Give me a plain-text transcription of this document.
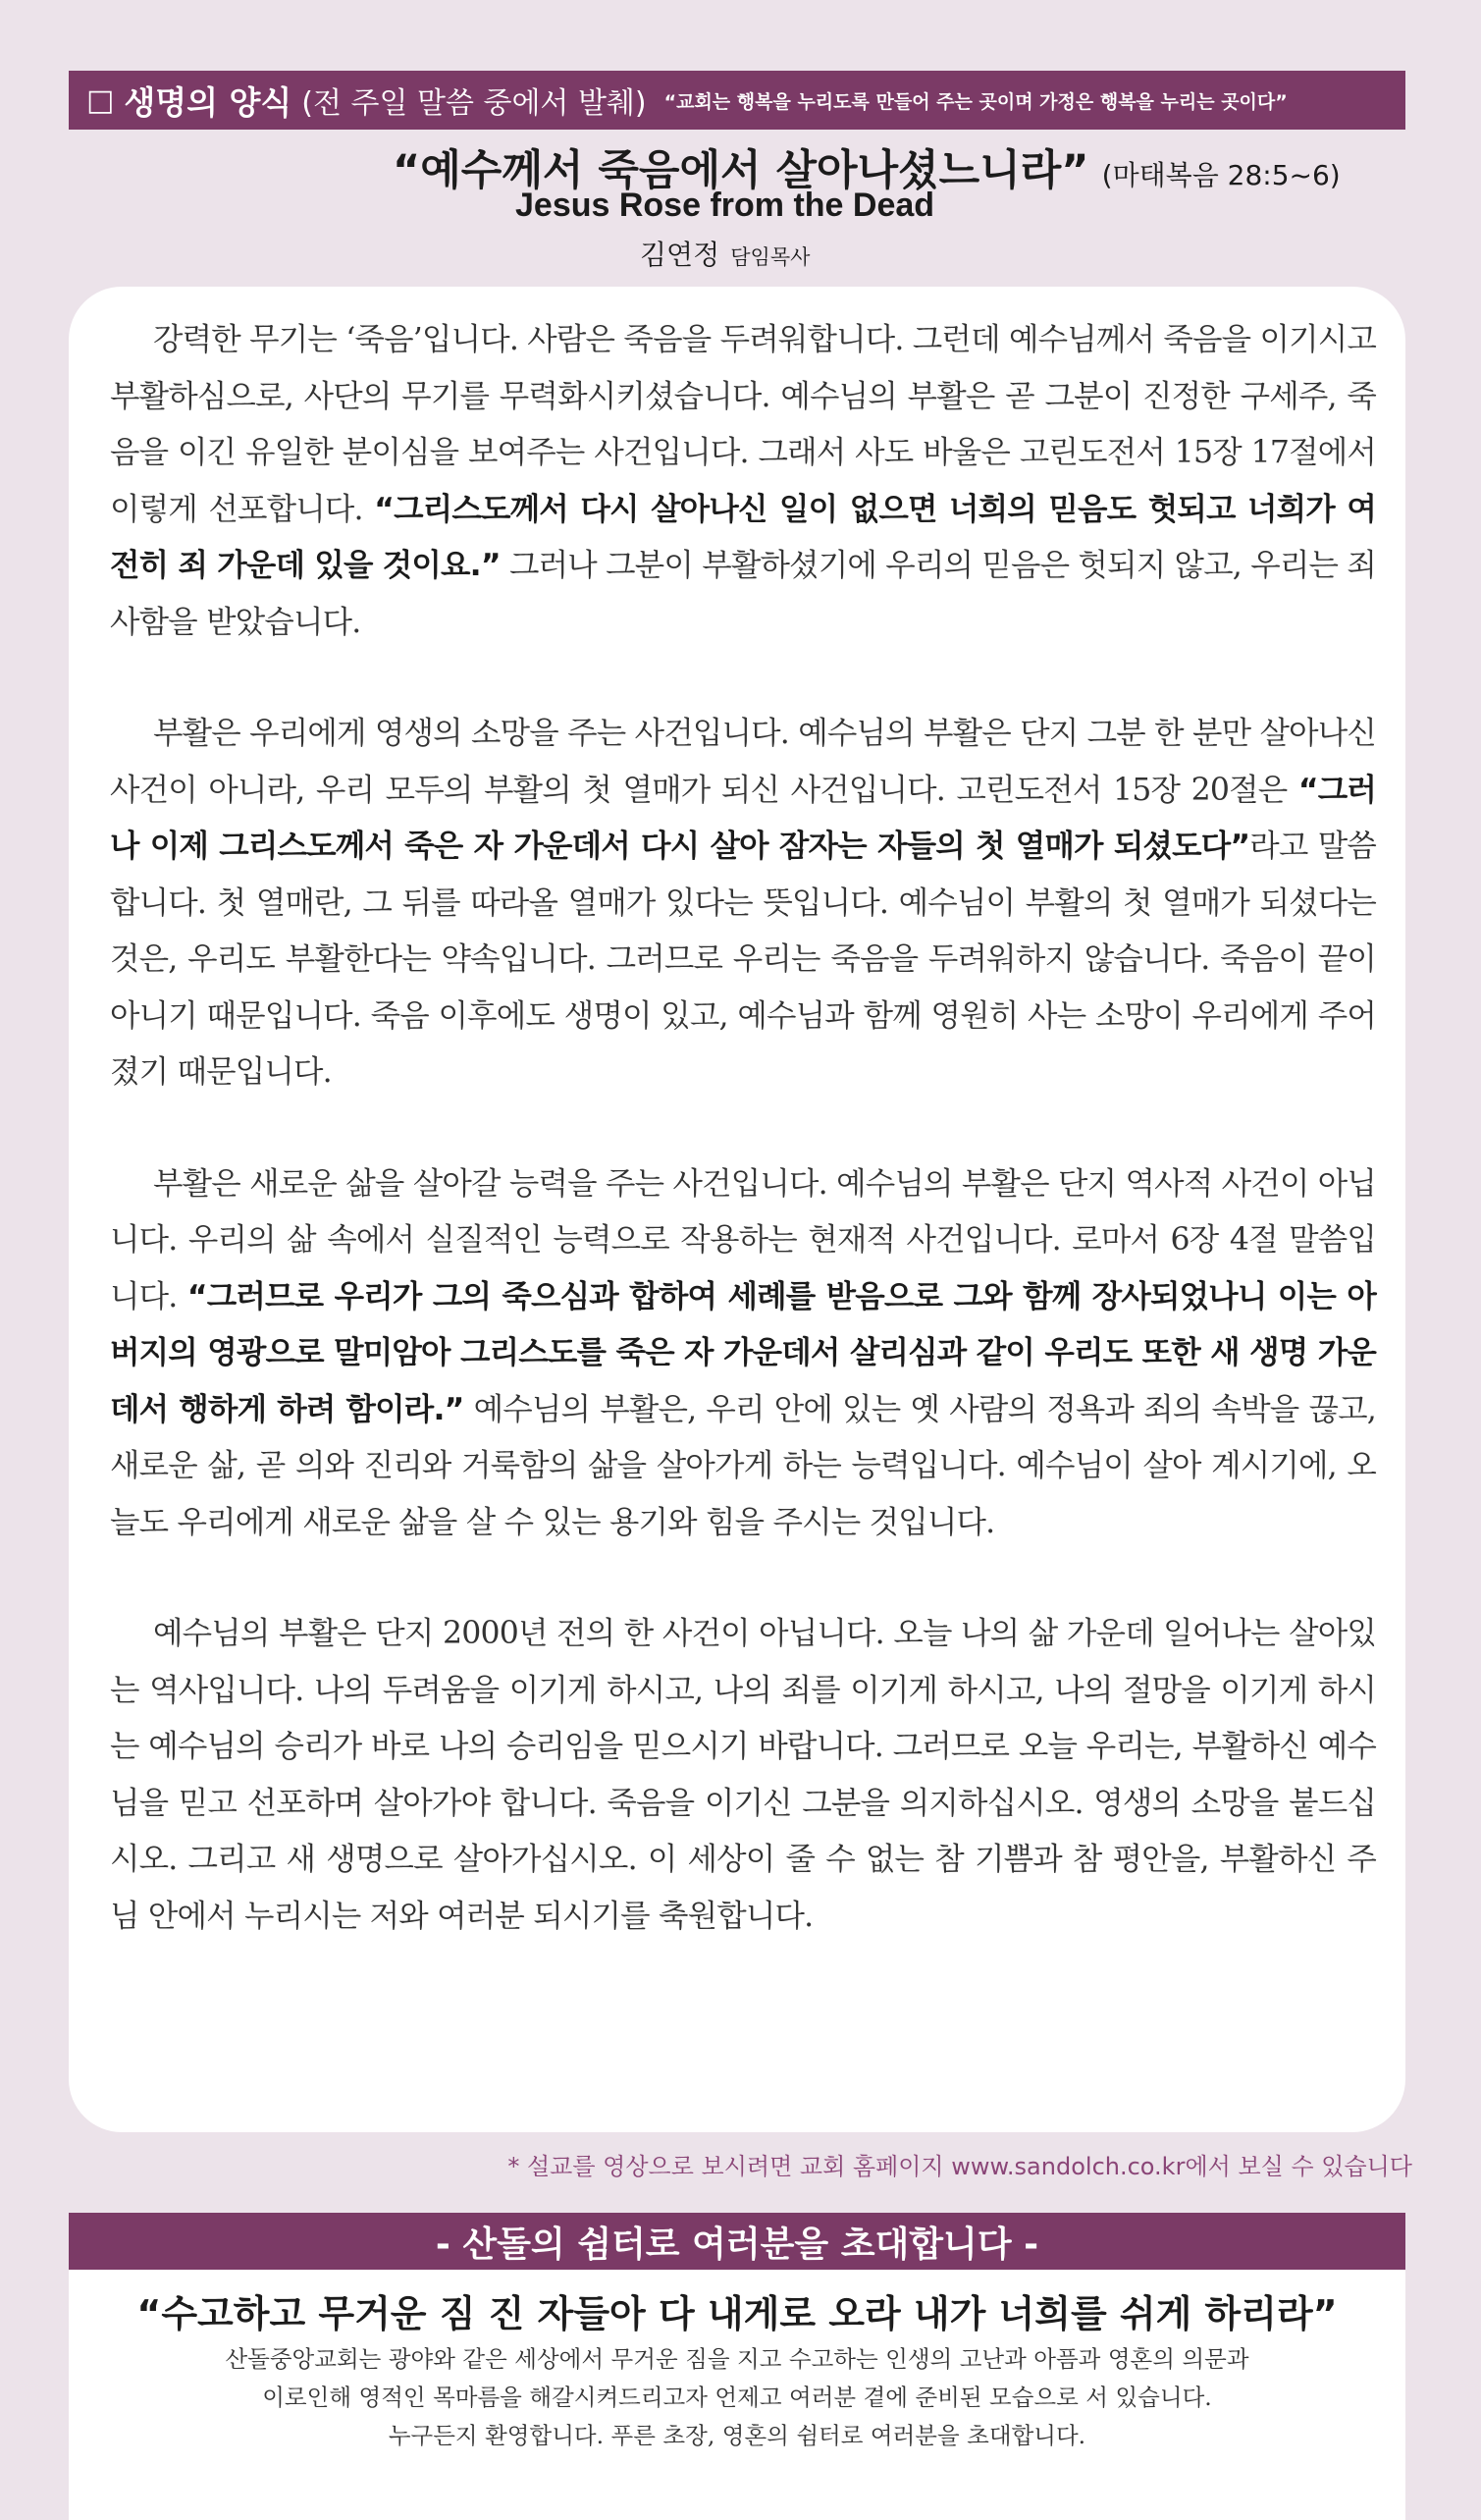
□ 생명의 양식 (전 주일 말씀 중에서 발췌) “교회는 행복을 누리도록 만들어 주는 곳이며 가정은 행복을 누리는 곳이다”
“예수께서 죽음에서 살아나셨느니라” (마태복음 28:5~6)
Jesus Rose from the Dead
김연정 담임목사

강력한 무기는 ‘죽음’입니다. 사람은 죽음을 두려워합니다. 그런데 예수님께서 죽음을 이기시고 부활하심으로, 사단의 무기를 무력화시키셨습니다. 예수님의 부활은 곧 그분이 진정한 구세주, 죽음을 이긴 유일한 분이심을 보여주는 사건입니다. 그래서 사도 바울은 고린도전서 15장 17절에서 이렇게 선포합니다. “그리스도께서 다시 살아나신 일이 없으면 너희의 믿음도 헛되고 너희가 여전히 죄 가운데 있을 것이요.” 그러나 그분이 부활하셨기에 우리의 믿음은 헛되지 않고, 우리는 죄 사함을 받았습니다.

부활은 우리에게 영생의 소망을 주는 사건입니다. 예수님의 부활은 단지 그분 한 분만 살아나신 사건이 아니라, 우리 모두의 부활의 첫 열매가 되신 사건입니다. 고린도전서 15장 20절은 “그러나 이제 그리스도께서 죽은 자 가운데서 다시 살아 잠자는 자들의 첫 열매가 되셨도다”라고 말씀합니다. 첫 열매란, 그 뒤를 따라올 열매가 있다는 뜻입니다. 예수님이 부활의 첫 열매가 되셨다는 것은, 우리도 부활한다는 약속입니다. 그러므로 우리는 죽음을 두려워하지 않습니다. 죽음이 끝이 아니기 때문입니다. 죽음 이후에도 생명이 있고, 예수님과 함께 영원히 사는 소망이 우리에게 주어졌기 때문입니다.

부활은 새로운 삶을 살아갈 능력을 주는 사건입니다. 예수님의 부활은 단지 역사적 사건이 아닙니다. 우리의 삶 속에서 실질적인 능력으로 작용하는 현재적 사건입니다. 로마서 6장 4절 말씀입니다. “그러므로 우리가 그의 죽으심과 합하여 세례를 받음으로 그와 함께 장사되었나니 이는 아버지의 영광으로 말미암아 그리스도를 죽은 자 가운데서 살리심과 같이 우리도 또한 새 생명 가운데서 행하게 하려 함이라.” 예수님의 부활은, 우리 안에 있는 옛 사람의 정욕과 죄의 속박을 끊고, 새로운 삶, 곧 의와 진리와 거룩함의 삶을 살아가게 하는 능력입니다. 예수님이 살아 계시기에, 오늘도 우리에게 새로운 삶을 살 수 있는 용기와 힘을 주시는 것입니다.

예수님의 부활은 단지 2000년 전의 한 사건이 아닙니다. 오늘 나의 삶 가운데 일어나는 살아있는 역사입니다. 나의 두려움을 이기게 하시고, 나의 죄를 이기게 하시고, 나의 절망을 이기게 하시는 예수님의 승리가 바로 나의 승리임을 믿으시기 바랍니다. 그러므로 오늘 우리는, 부활하신 예수님을 믿고 선포하며 살아가야 합니다. 죽음을 이기신 그분을 의지하십시오. 영생의 소망을 붙드십시오. 그리고 새 생명으로 살아가십시오. 이 세상이 줄 수 없는 참 기쁨과 참 평안을, 부활하신 주님 안에서 누리시는 저와 여러분 되시기를 축원합니다.

* 설교를 영상으로 보시려면 교회 홈페이지 www.sandolch.co.kr에서 보실 수 있습니다
- 산돌의 쉼터로 여러분을 초대합니다 -
“수고하고 무거운 짐 진 자들아 다 내게로 오라 내가 너희를 쉬게 하리라”
산돌중앙교회는 광야와 같은 세상에서 무거운 짐을 지고 수고하는 인생의 고난과 아픔과 영혼의 의문과
이로인해 영적인 목마름을 해갈시켜드리고자 언제고 여러분 곁에 준비된 모습으로 서 있습니다.
누구든지 환영합니다. 푸른 초장, 영혼의 쉼터로 여러분을 초대합니다.
